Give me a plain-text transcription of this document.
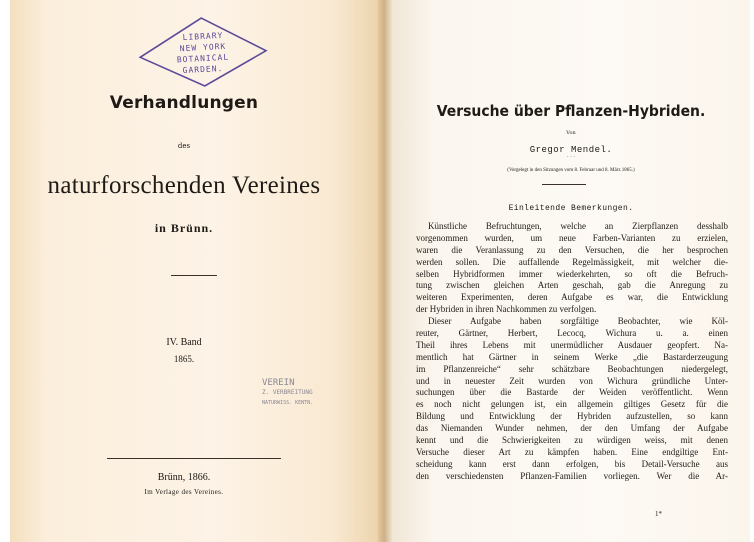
LIBRARY
NEW YORK
BOTANICAL
GARDEN.
Verhandlungen
des
naturforschenden Vereines
in Brünn.
IV. Band
1865.
VEREIN
Z. VERBREITUNG
NATURWISS. KENTN.
Brünn, 1866.
Im Verlage des Vereines.
Versuche über Pflanzen-Hybriden.
Von
Gregor Mendel.
· · ·
(Vorgelegt in den Sitzungen vom 8. Februar und 8. März 1865.)
Einleitende Bemerkungen.
Künstliche Befruchtungen, welche an Zierpflanzen desshalb
vorgenommen wurden, um neue Farben-Varianten zu erzielen,
waren die Veranlassung zu den Versuchen, die her besprochen
werden sollen. Die auffallende Regelmässigkeit, mit welcher die-
selben Hybridformen immer wiederkehrten, so oft die Befruch-
tung zwischen gleichen Arten geschah, gab die Anregung zu
weiteren Experimenten, deren Aufgabe es war, die Entwicklung
der Hybriden in ihren Nachkommen zu verfolgen.
Dieser Aufgabe haben sorgfältige Beobachter, wie Köl-
reuter, Gärtner, Herbert, Lecocq, Wichura u. a. einen
Theil ihres Lebens mit unermüdlicher Ausdauer geopfert. Na-
mentlich hat Gärtner in seinem Werke „die Bastarderzeugung
im Pflanzenreiche“ sehr schätzbare Beobachtungen niedergelegt,
und in neuester Zeit wurden von Wichura gründliche Unter-
suchungen über die Bastarde der Weiden veröffentlicht. Wenn
es noch nicht gelungen ist, ein allgemein giltiges Gesetz für die
Bildung und Entwicklung der Hybriden aufzustellen, so kann
das Niemanden Wunder nehmen, der den Umfang der Aufgabe
kennt und die Schwierigkeiten zu würdigen weiss, mit denen
Versuche dieser Art zu kämpfen haben. Eine endgiltige Ent-
scheidung kann erst dann erfolgen, bis Detail-Versuche aus
den verschiedensten Pflanzen-Familien vorliegen. Wer die Ar-
1*
